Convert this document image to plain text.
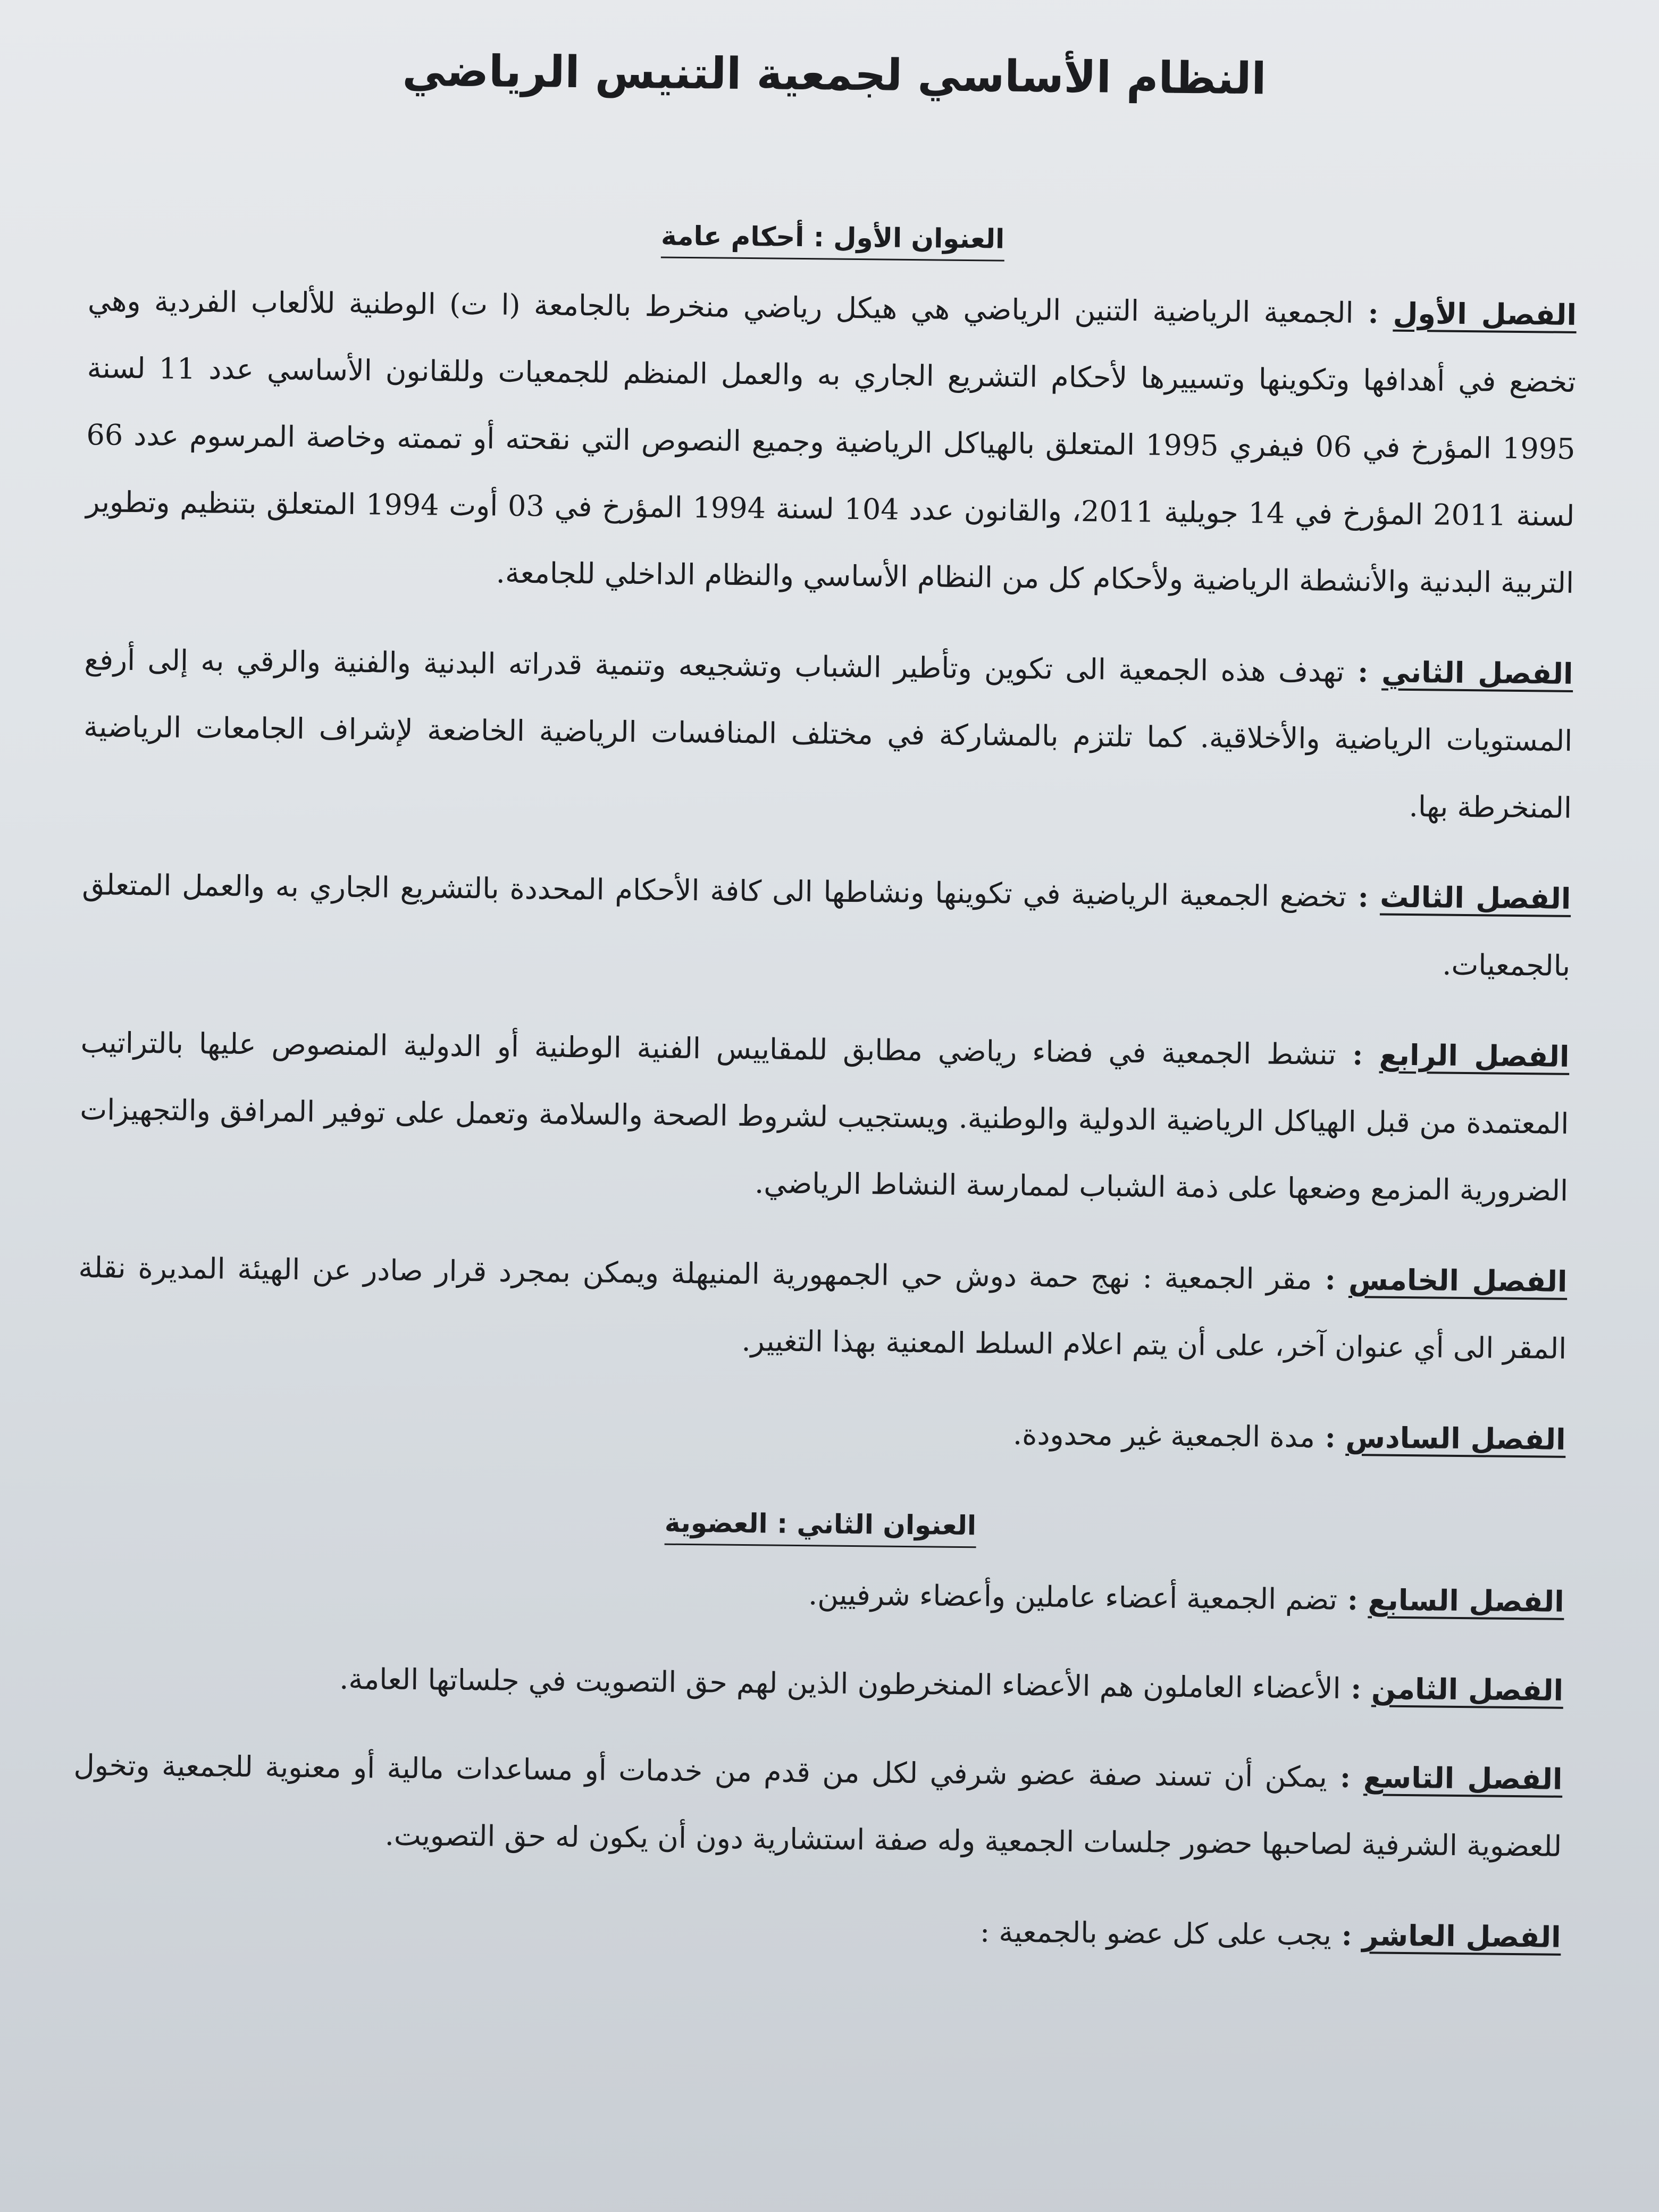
النظام الأساسي لجمعية التنيس الرياضي
العنوان الأول : أحكام عامة

الفصل الأول : الجمعية الرياضية التنين الرياضي هي هيكل رياضي منخرط بالجامعة (ا ت) الوطنية للألعاب الفردية وهي تخضع في أهدافها وتكوينها وتسييرها لأحكام التشريع الجاري به والعمل المنظم للجمعيات وللقانون الأساسي عدد 11 لسنة 1995 المؤرخ في 06 فيفري 1995 المتعلق بالهياكل الرياضية وجميع النصوص التي نقحته أو تممته وخاصة المرسوم عدد 66 لسنة 2011 المؤرخ في 14 جويلية 2011، والقانون عدد 104 لسنة 1994 المؤرخ في 03 أوت 1994 المتعلق بتنظيم وتطوير التربية البدنية والأنشطة الرياضية ولأحكام كل من النظام الأساسي والنظام الداخلي للجامعة.

الفصل الثاني : تهدف هذه الجمعية الى تكوين وتأطير الشباب وتشجيعه وتنمية قدراته البدنية والفنية والرقي به إلى أرفع المستويات الرياضية والأخلاقية. كما تلتزم بالمشاركة في مختلف المنافسات الرياضية الخاضعة لإشراف الجامعات الرياضية المنخرطة بها.

الفصل الثالث : تخضع الجمعية الرياضية في تكوينها ونشاطها الى كافة الأحكام المحددة بالتشريع الجاري به والعمل المتعلق بالجمعيات.

الفصل الرابع : تنشط الجمعية في فضاء رياضي مطابق للمقاييس الفنية الوطنية أو الدولية المنصوص عليها بالتراتيب المعتمدة من قبل الهياكل الرياضية الدولية والوطنية. ويستجيب لشروط الصحة والسلامة وتعمل على توفير المرافق والتجهيزات الضرورية المزمع وضعها على ذمة الشباب لممارسة النشاط الرياضي.

الفصل الخامس : مقر الجمعية : نهج حمة دوش حي الجمهورية المنيهلة ويمكن بمجرد قرار صادر عن الهيئة المديرة نقلة المقر الى أي عنوان آخر، على أن يتم اعلام السلط المعنية بهذا التغيير.

الفصل السادس : مدة الجمعية غير محدودة.

العنوان الثاني : العضوية

الفصل السابع : تضم الجمعية أعضاء عاملين وأعضاء شرفيين.

الفصل الثامن : الأعضاء العاملون هم الأعضاء المنخرطون الذين لهم حق التصويت في جلساتها العامة.

الفصل التاسع : يمكن أن تسند صفة عضو شرفي لكل من قدم من خدمات أو مساعدات مالية أو معنوية للجمعية وتخول للعضوية الشرفية لصاحبها حضور جلسات الجمعية وله صفة استشارية دون أن يكون له حق التصويت.

الفصل العاشر : يجب على كل عضو بالجمعية :
